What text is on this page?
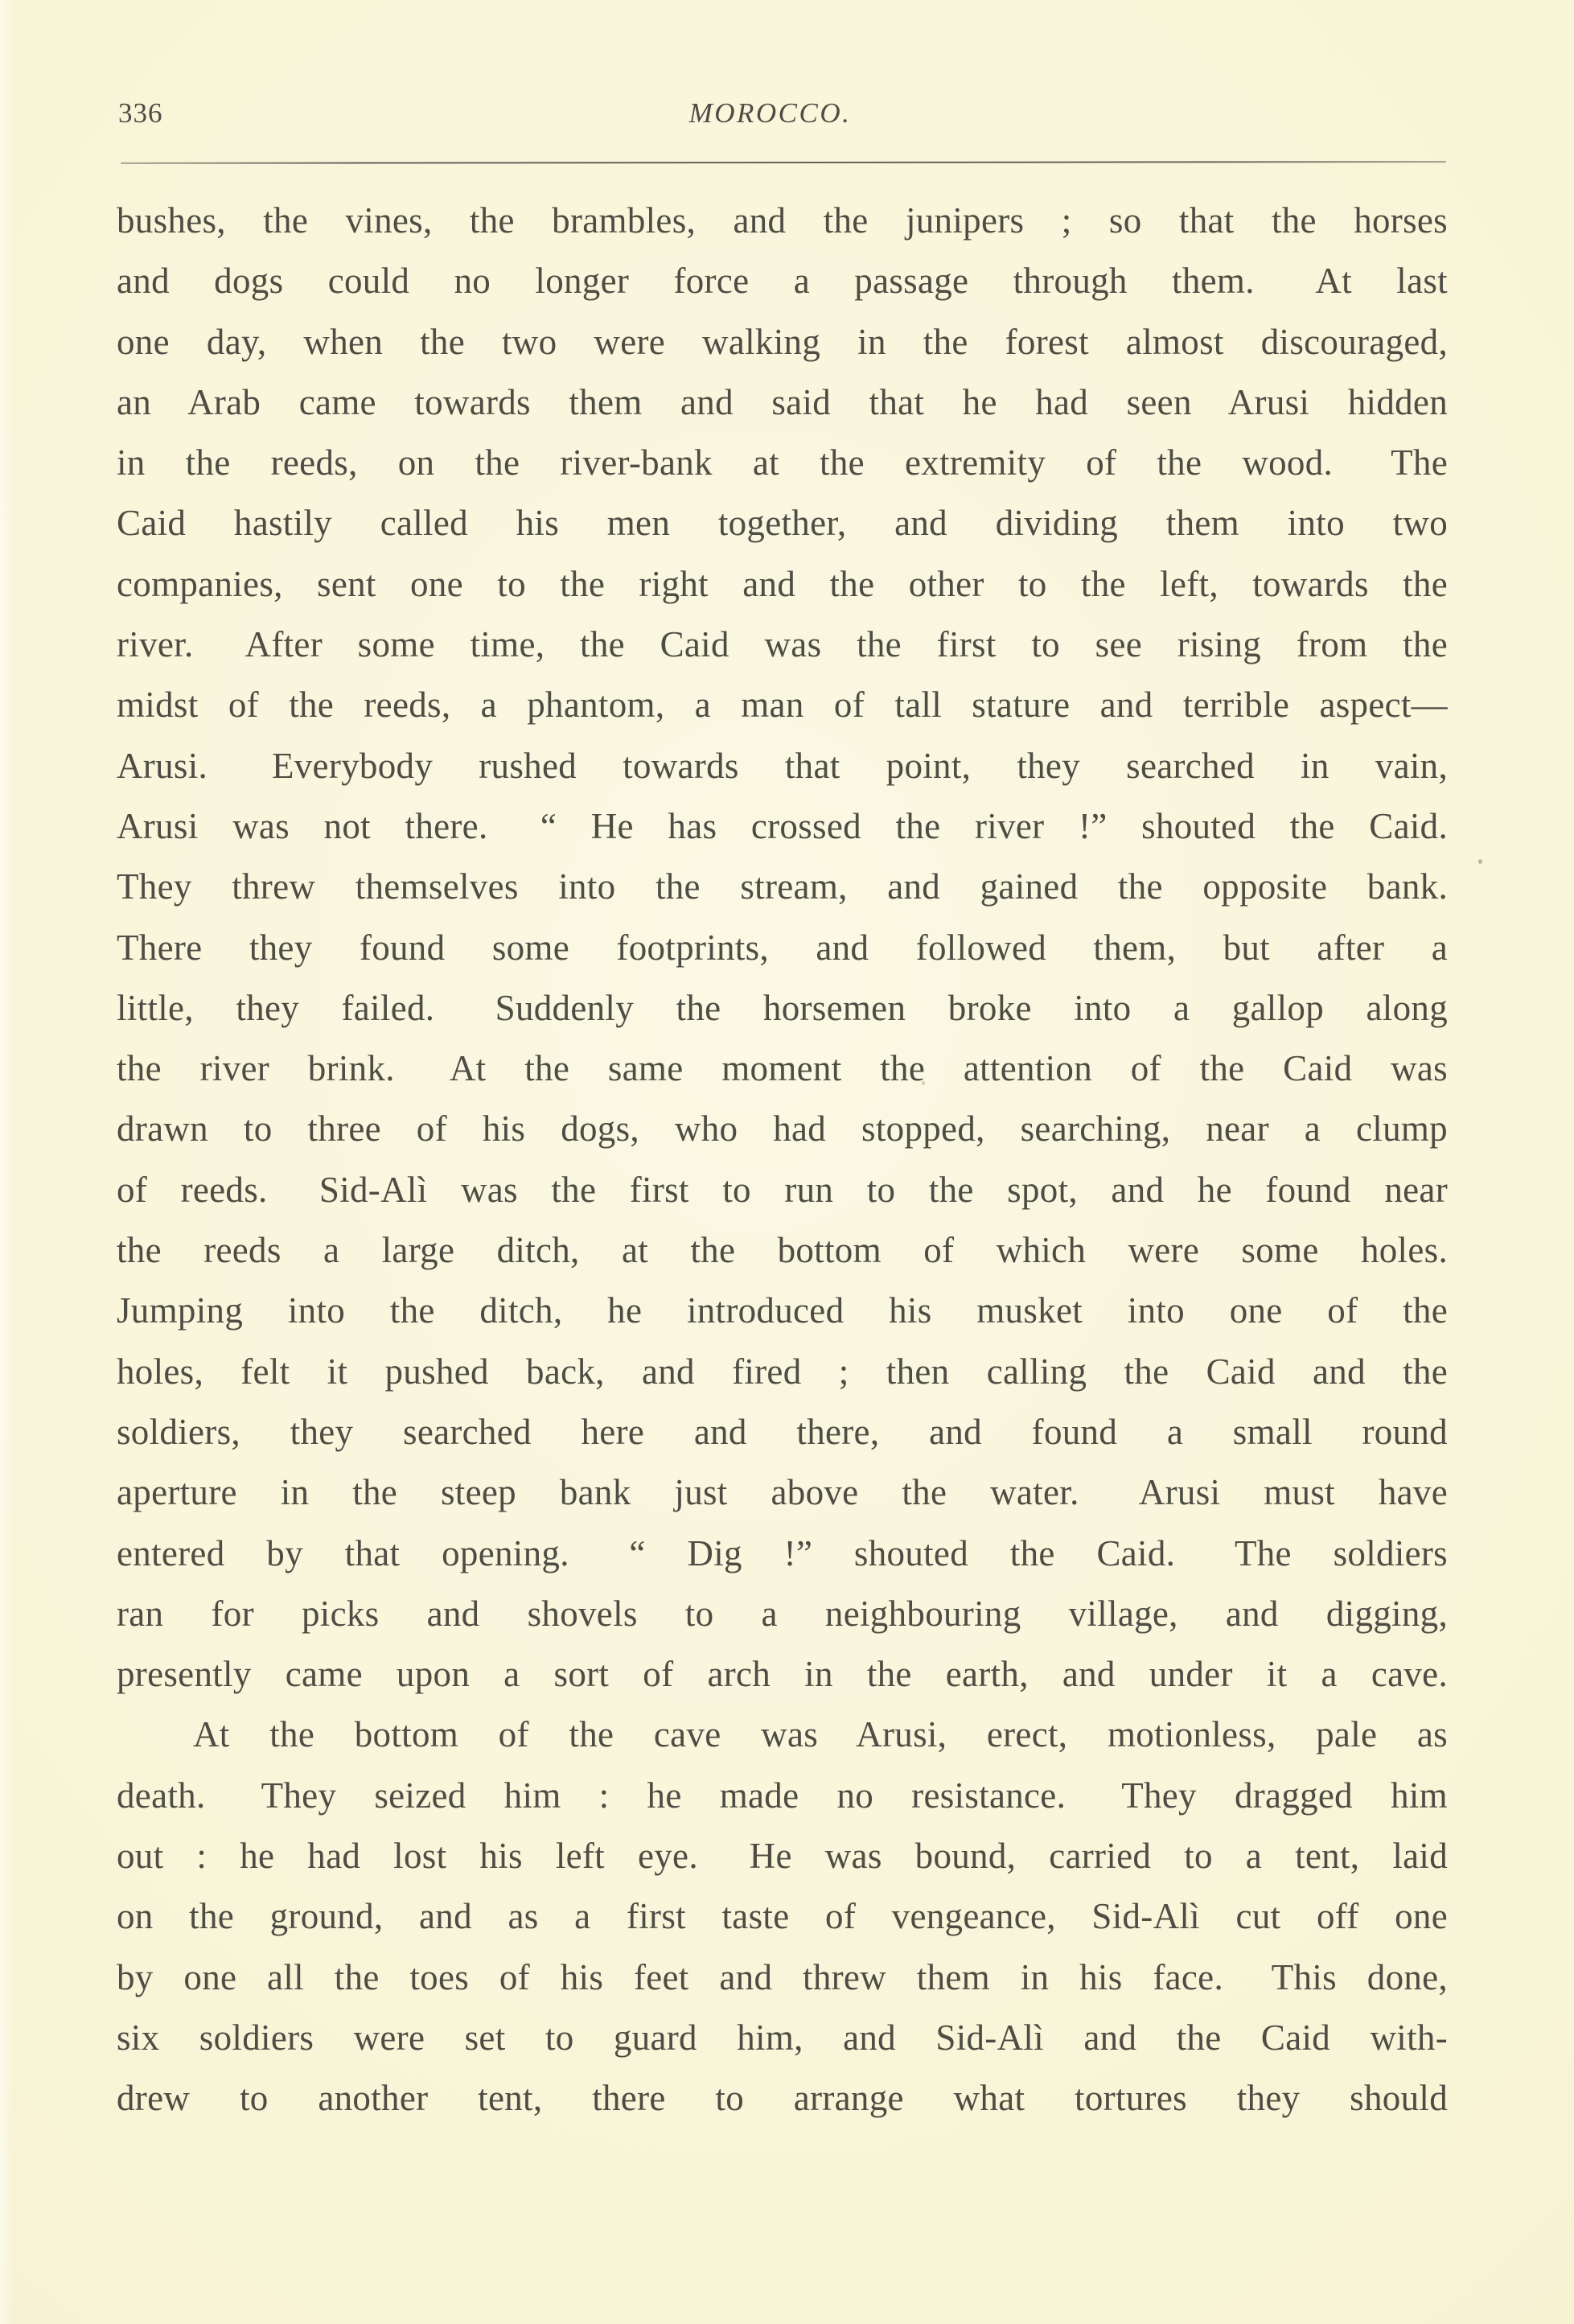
336	MOROCCO.
bushes, the vines, the brambles, and the junipers ; so that the horses
and dogs could no longer force a passage through them.  At last
one day, when the two were walking in the forest almost discouraged,
an Arab came towards them and said that he had seen Arusi hidden
in the reeds, on the river-bank at the extremity of the wood.  The
Caid hastily called his men together, and dividing them into two
companies, sent one to the right and the other to the left, towards the
river.  After some time, the Caid was the first to see rising from the
midst of the reeds, a phantom, a man of tall stature and terrible aspect—
Arusi.  Everybody rushed towards that point, they searched in vain,
Arusi was not there.  “ He has crossed the river !” shouted the Caid.
They threw themselves into the stream, and gained the opposite bank.
There they found some footprints, and followed them, but after a
little, they failed.  Suddenly the horsemen broke into a gallop along
the river brink.  At the same moment the attention of the Caid was
drawn to three of his dogs, who had stopped, searching, near a clump
of reeds.  Sid-Alì was the first to run to the spot, and he found near
the reeds a large ditch, at the bottom of which were some holes.
Jumping into the ditch, he introduced his musket into one of the
holes, felt it pushed back, and fired ; then calling the Caid and the
soldiers, they searched here and there, and found a small round
aperture in the steep bank just above the water.  Arusi must have
entered by that opening.  “ Dig !” shouted the Caid.  The soldiers
ran for picks and shovels to a neighbouring village, and digging,
presently came upon a sort of arch in the earth, and under it a cave.
At the bottom of the cave was Arusi, erect, motionless, pale as
death.  They seized him : he made no resistance.  They dragged him
out : he had lost his left eye.  He was bound, carried to a tent, laid
on the ground, and as a first taste of vengeance, Sid-Alì cut off one
by one all the toes of his feet and threw them in his face.  This done,
six soldiers were set to guard him, and Sid-Alì and the Caid with-
drew to another tent, there to arrange what tortures they should
